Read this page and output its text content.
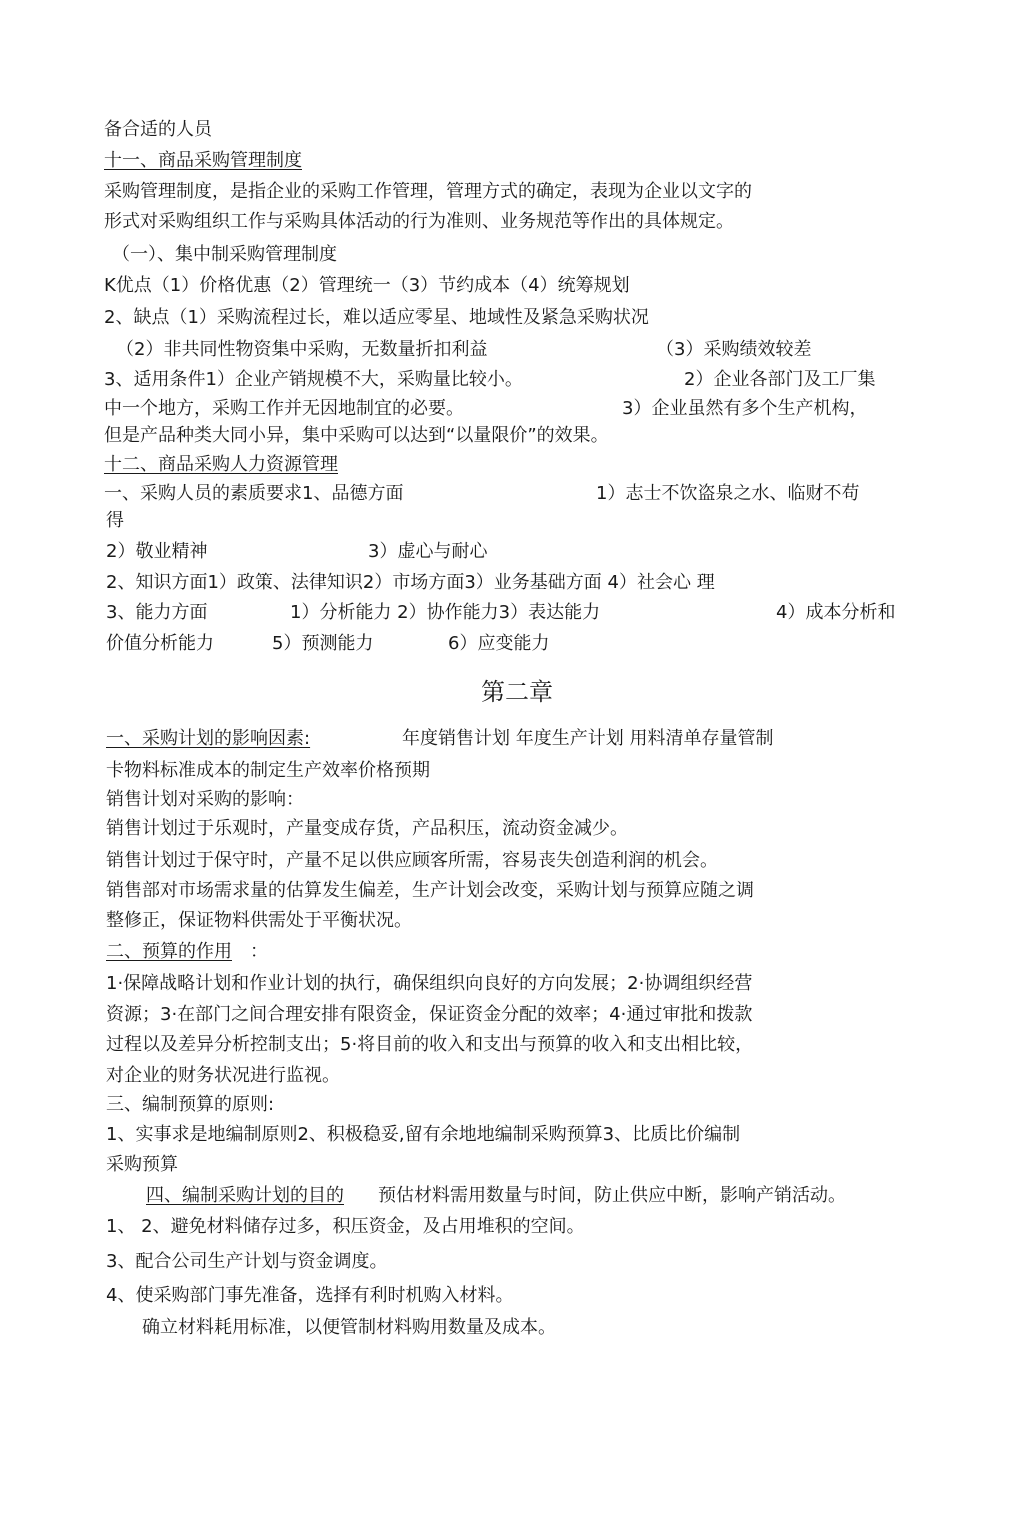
备合适的人员

十一、商品采购管理制度

采购管理制度，是指企业的采购工作管理，管理方式的确定，表现为企业以文字的

形式对采购组织工作与采购具体活动的行为准则、业务规范等作出的具体规定。

（一）、集中制采购管理制度

K优点（1）价格优惠（2）管理统一（3）节约成本（4）统筹规划

2、缺点（1）采购流程过长，难以适应零星、地域性及紧急采购状况

（2）非共同性物资集中采购，无数量折扣利益	（3）采购绩效较差

3、适用条件1）企业产销规模不大，采购量比较小。	2）企业各部门及工厂集

中一个地方，采购工作并无因地制宜的必要。	3）企业虽然有多个生产机构，

但是产品种类大同小异，集中采购可以达到“以量限价”的效果。

十二、商品采购人力资源管理

一、采购人员的素质要求1、品德方面	1）志士不饮盗泉之水、临财不苟

得

2）敬业精神	3）虚心与耐心

2、知识方面1）政策、法律知识2）市场方面3）业务基础方面 4）社会心 理

3、能力方面	1）分析能力 2）协作能力3）表达能力	4）成本分析和

价值分析能力	5）预测能力	6）应变能力

第二章

一、采购计划的影响因素:	年度销售计划 年度生产计划 用料清单存量管制

卡物料标准成本的制定生产效率价格预期

销售计划对采购的影响：

销售计划过于乐观时，产量变成存货，产品积压，流动资金减少。

销售计划过于保守时，产量不足以供应顾客所需，容易丧失创造利润的机会。

销售部对市场需求量的估算发生偏差，生产计划会改变，采购计划与预算应随之调

整修正，保证物料供需处于平衡状况。

二、预算的作用 ：

1·保障战略计划和作业计划的执行，确保组织向良好的方向发展；2·协调组织经营

资源；3·在部门之间合理安排有限资金，保证资金分配的效率；4·通过审批和拨款

过程以及差异分析控制支出；5·将目前的收入和支出与预算的收入和支出相比较，

对企业的财务状况进行监视。

三、编制预算的原则:

1、实事求是地编制原则2、积极稳妥,留有余地地编制采购预算3、比质比价编制

采购预算

四、编制采购计划的目的 预估材料需用数量与时间，防止供应中断，影响产销活动。

1、 2、避免材料储存过多，积压资金，及占用堆积的空间。

3、配合公司生产计划与资金调度。

4、使采购部门事先准备，选择有利时机购入材料。

确立材料耗用标准，以便管制材料购用数量及成本。
